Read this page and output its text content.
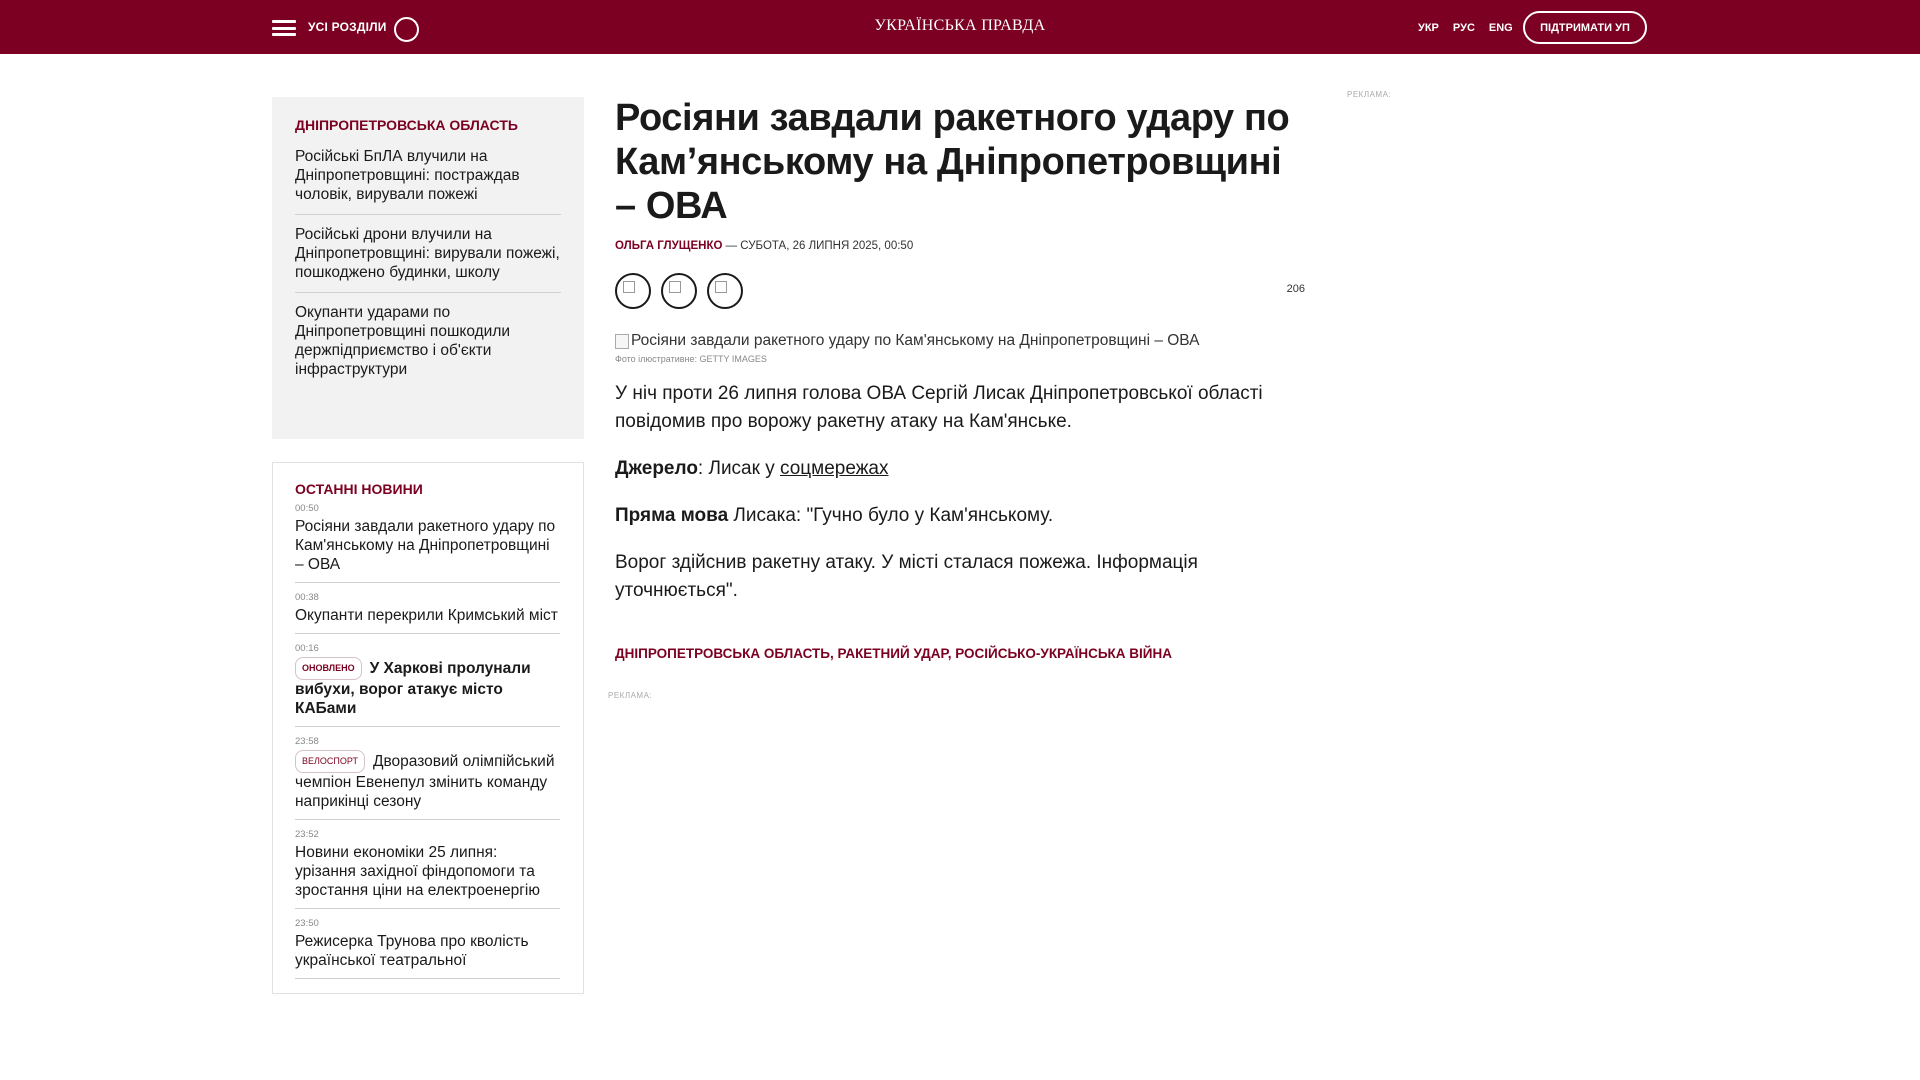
УСІ РОЗДІЛИ	УКРАЇНСЬКА ПРАВДА	УКР РУС ENG	ПІДТРИМАТИ УП
ДНІПРОПЕТРОВСЬКА ОБЛАСТЬ
Російські БпЛА влучили на Дніпропетровщині: постраждав чоловік, вирували пожежі
Російські дрони влучили на Дніпропетровщині: вирували пожежі, пошкоджено будинки, школу
Окупанти ударами по Дніпропетровщині пошкодили держпідприємство і об'єкти інфраструктури
ОСТАННІ НОВИНИ
00:50
Росіяни завдали ракетного удару по Кам'янському на Дніпропетровщині – ОВА
00:38
Окупанти перекрили Кримський міст
00:16
ОНОВЛЕНО У Харкові пролунали вибухи, ворог атакує місто КАБами
23:58
ВЕЛОСПОРТ Дворазовий олімпійський чемпіон Евенепул змінить команду наприкінці сезону
23:52
Новини економіки 25 липня: урізання західної фіндопомоги та зростання ціни на електроенергію
23:50
Режисерка Трунова про кволість української театральної
Росіяни завдали ракетного удару по Кам’янському на Дніпропетровщині – ОВА
ОЛЬГА ГЛУЩЕНКО — СУБОТА, 26 ЛИПНЯ 2025, 00:50
206
Росіяни завдали ракетного удару по Кам'янському на Дніпропетровщині – ОВА
Фото ілюстративне: GETTY IMAGES

У ніч проти 26 липня голова ОВА Сергій Лисак Дніпропетровської області повідомив про ворожу ракетну атаку на Кам'янське.

Джерело: Лисак у соцмережах

Пряма мова Лисака: "Гучно було у Кам'янському.

Ворог здійснив ракетну атаку. У місті сталася пожежа. Інформація уточнюється".

ДНІПРОПЕТРОВСЬКА ОБЛАСТЬ, РАКЕТНИЙ УДАР, РОСІЙСЬКО-УКРАЇНСЬКА ВІЙНА
РЕКЛАМА:
РЕКЛАМА:
